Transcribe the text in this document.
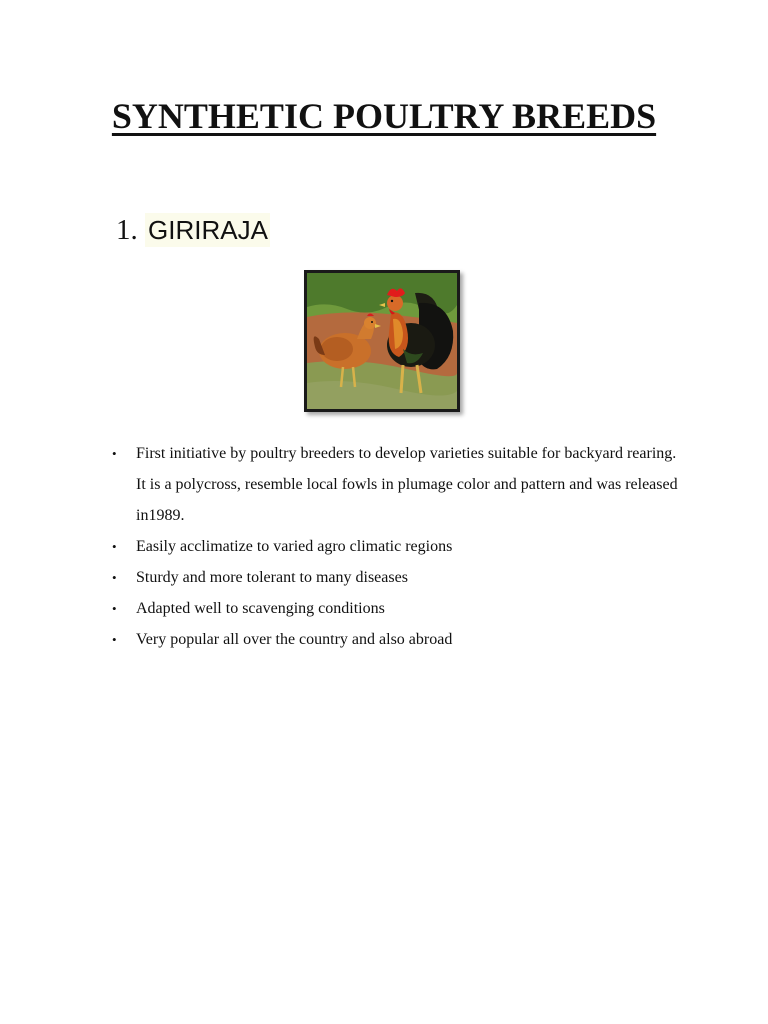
SYNTHETIC POULTRY BREEDS
1. GIRIRAJA
• First initiative by poultry breeders to develop varieties suitable for backyard rearing. It is a polycross, resemble local fowls in plumage color and pattern and was released in1989.
• Easily acclimatize to varied agro climatic regions
• Sturdy and more tolerant to many diseases
• Adapted well to scavenging conditions
• Very popular all over the country and also abroad
